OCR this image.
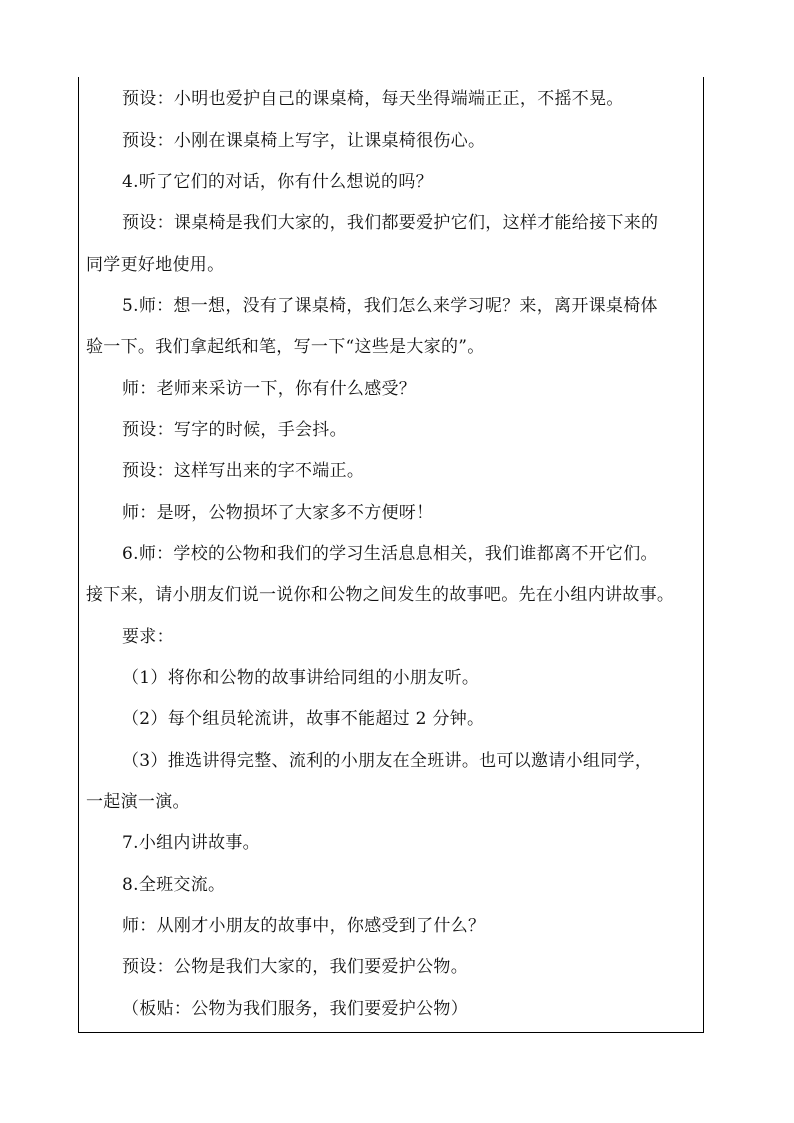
预设：小明也爱护自己的课桌椅，每天坐得端端正正，不摇不晃。
预设：小刚在课桌椅上写字，让课桌椅很伤心。
4.听了它们的对话，你有什么想说的吗？
预设：课桌椅是我们大家的，我们都要爱护它们，这样才能给接下来的
同学更好地使用。
5.师：想一想，没有了课桌椅，我们怎么来学习呢？来，离开课桌椅体
验一下。我们拿起纸和笔，写一下“这些是大家的”。
师：老师来采访一下，你有什么感受？
预设：写字的时候，手会抖。
预设：这样写出来的字不端正。
师：是呀，公物损坏了大家多不方便呀！
6.师：学校的公物和我们的学习生活息息相关，我们谁都离不开它们。
接下来，请小朋友们说一说你和公物之间发生的故事吧。先在小组内讲故事。
要求：
（1）将你和公物的故事讲给同组的小朋友听。
（2）每个组员轮流讲，故事不能超过 2 分钟。
（3）推选讲得完整、流利的小朋友在全班讲。也可以邀请小组同学，
一起演一演。
7.小组内讲故事。
8.全班交流。
师：从刚才小朋友的故事中，你感受到了什么？
预设：公物是我们大家的，我们要爱护公物。
（板贴：公物为我们服务，我们要爱护公物）
